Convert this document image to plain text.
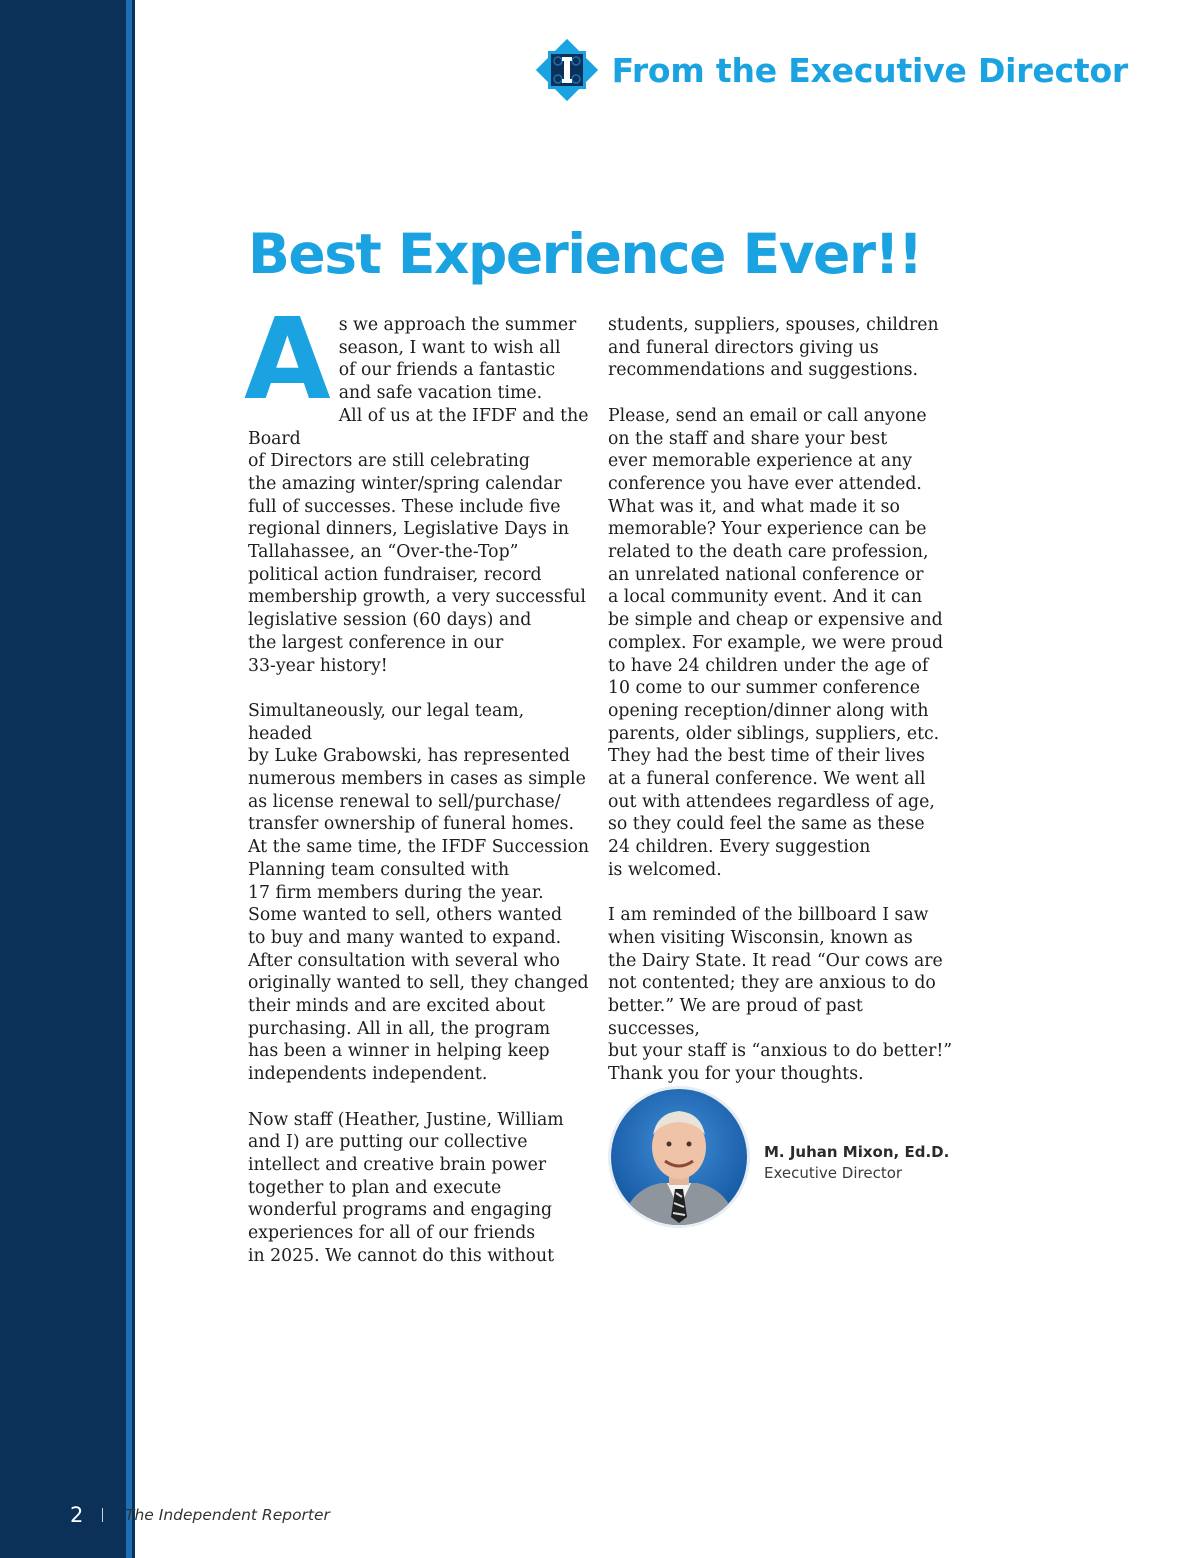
From the Executive Director
Best Experience Ever!!

As we approach the summer
season, I want to wish all
of our friends a fantastic
and safe vacation time.
All of us at the IFDF and the Board
of Directors are still celebrating
the amazing winter/spring calendar
full of successes. These include five
regional dinners, Legislative Days in
Tallahassee, an “Over-the-Top”
political action fundraiser, record
membership growth, a very successful
legislative session (60 days) and
the largest conference in our
33-year history!

Simultaneously, our legal team, headed
by Luke Grabowski, has represented
numerous members in cases as simple
as license renewal to sell/purchase/
transfer ownership of funeral homes.
At the same time, the IFDF Succession
Planning team consulted with
17 firm members during the year.
Some wanted to sell, others wanted
to buy and many wanted to expand.
After consultation with several who
originally wanted to sell, they changed
their minds and are excited about
purchasing. All in all, the program
has been a winner in helping keep
independents independent.

Now staff (Heather, Justine, William
and I) are putting our collective
intellect and creative brain power
together to plan and execute
wonderful programs and engaging
experiences for all of our friends
in 2025. We cannot do this without

students, suppliers, spouses, children
and funeral directors giving us
recommendations and suggestions.

Please, send an email or call anyone
on the staff and share your best
ever memorable experience at any
conference you have ever attended.
What was it, and what made it so
memorable? Your experience can be
related to the death care profession,
an unrelated national conference or
a local community event. And it can
be simple and cheap or expensive and
complex. For example, we were proud
to have 24 children under the age of
10 come to our summer conference
opening reception/dinner along with
parents, older siblings, suppliers, etc.
They had the best time of their lives
at a funeral conference. We went all
out with attendees regardless of age,
so they could feel the same as these
24 children. Every suggestion
is welcomed.

I am reminded of the billboard I saw
when visiting Wisconsin, known as
the Dairy State. It read “Our cows are
not contented; they are anxious to do
better.” We are proud of past successes,
but your staff is “anxious to do better!”
Thank you for your thoughts.

M. Juhan Mixon, Ed.D.
Executive Director
2	The Independent Reporter
